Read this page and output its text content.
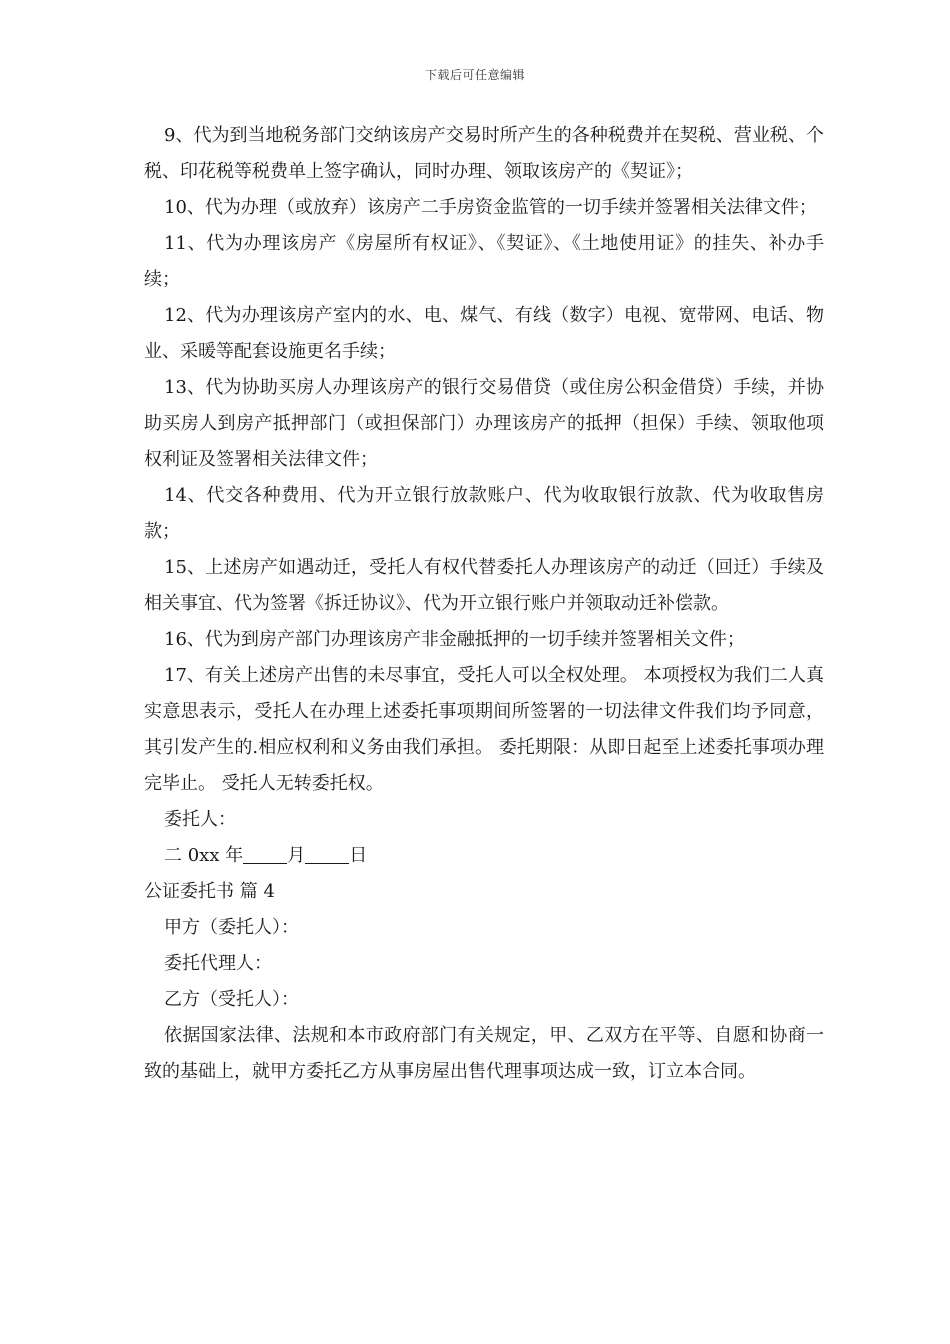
下载后可任意编辑

9、代为到当地税务部门交纳该房产交易时所产生的各种税费并在契税、营业税、个税、印花税等税费单上签字确认，同时办理、领取该房产的《契证》；

10、代为办理（或放弃）该房产二手房资金监管的一切手续并签署相关法律文件；

11、代为办理该房产《房屋所有权证》、《契证》、《土地使用证》的挂失、补办手续；

12、代为办理该房产室内的水、电、煤气、有线（数字）电视、宽带网、电话、物业、采暖等配套设施更名手续；

13、代为协助买房人办理该房产的银行交易借贷（或住房公积金借贷）手续，并协助买房人到房产抵押部门（或担保部门）办理该房产的抵押（担保）手续、领取他项权利证及签署相关法律文件；

14、代交各种费用、代为开立银行放款账户、代为收取银行放款、代为收取售房款；

15、上述房产如遇动迁，受托人有权代替委托人办理该房产的动迁（回迁）手续及相关事宜、代为签署《拆迁协议》、代为开立银行账户并领取动迁补偿款。

16、代为到房产部门办理该房产非金融抵押的一切手续并签署相关文件；

17、有关上述房产出售的未尽事宜，受托人可以全权处理。 本项授权为我们二人真实意思表示，受托人在办理上述委托事项期间所签署的一切法律文件我们均予同意，其引发产生的.相应权利和义务由我们承担。 委托期限：从即日起至上述委托事项办理完毕止。 受托人无转委托权。

委托人：

二 0xx 年 月 日

公证委托书 篇 4

甲方（委托人）：

委托代理人：

乙方（受托人）：

依据国家法律、法规和本市政府部门有关规定，甲、乙双方在平等、自愿和协商一致的基础上，就甲方委托乙方从事房屋出售代理事项达成一致，订立本合同。
